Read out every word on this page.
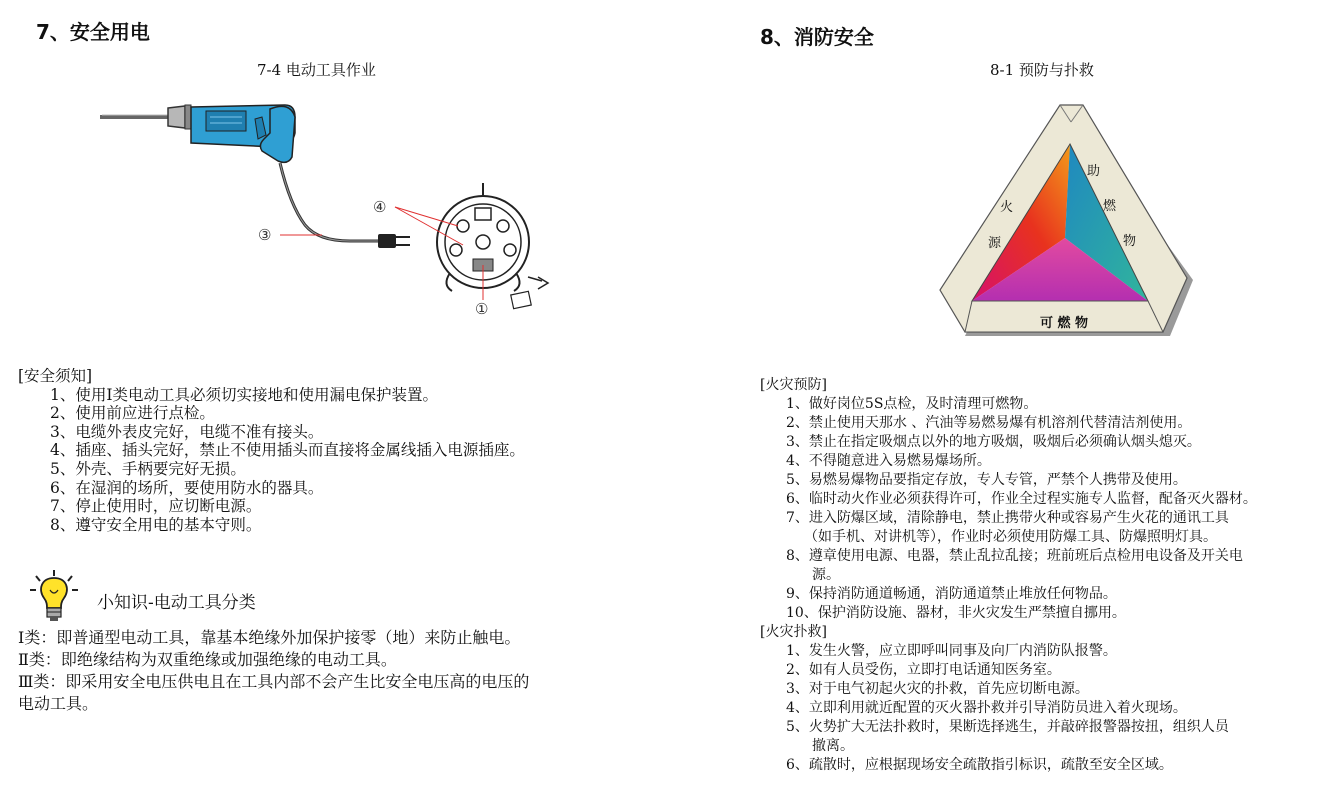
7、安全用电
7-4 电动工具作业
③
④
①
[安全须知]
1、使用Ⅰ类电动工具必须切实接地和使用漏电保护装置。
2、使用前应进行点检。
3、电缆外表皮完好，电缆不准有接头。
4、插座、插头完好，禁止不使用插头而直接将金属线插入电源插座。
5、外壳、手柄要完好无损。
6、在湿润的场所，要使用防水的器具。
7、停止使用时，应切断电源。
8、遵守安全用电的基本守则。
小知识-电动工具分类
Ⅰ类：即普通型电动工具，靠基本绝缘外加保护接零（地）来防止触电。
Ⅱ类：即绝缘结构为双重绝缘或加强绝缘的电动工具。
Ⅲ类：即采用安全电压供电且在工具内部不会产生比安全电压高的电压的
电动工具。
8、消防安全
8-1 预防与扑救
火
源
助
燃
物
可 燃 物
[火灾预防]
1、做好岗位5S点检，及时清理可燃物。
2、禁止使用天那水 、汽油等易燃易爆有机溶剂代替清洁剂使用。
3、禁止在指定吸烟点以外的地方吸烟，吸烟后必须确认烟头熄灭。
4、不得随意进入易燃易爆场所。
5、易燃易爆物品要指定存放，专人专管，严禁个人携带及使用。
6、临时动火作业必须获得许可，作业全过程实施专人监督，配备灭火器材。
7、进入防爆区域，清除静电，禁止携带火种或容易产生火花的通讯工具
（如手机、对讲机等），作业时必须使用防爆工具、防爆照明灯具。
8、遵章使用电源、电器，禁止乱拉乱接；班前班后点检用电设备及开关电
源。
9、保持消防通道畅通，消防通道禁止堆放任何物品。
10、保护消防设施、器材，非火灾发生严禁擅自挪用。
[火灾扑救]
1、发生火警，应立即呼叫同事及向厂内消防队报警。
2、如有人员受伤，立即打电话通知医务室。
3、对于电气初起火灾的扑救，首先应切断电源。
4、立即利用就近配置的灭火器扑救并引导消防员进入着火现场。
5、火势扩大无法扑救时，果断选择逃生，并敲碎报警器按扭，组织人员
撤离。
6、疏散时，应根据现场安全疏散指引标识，疏散至安全区域。
